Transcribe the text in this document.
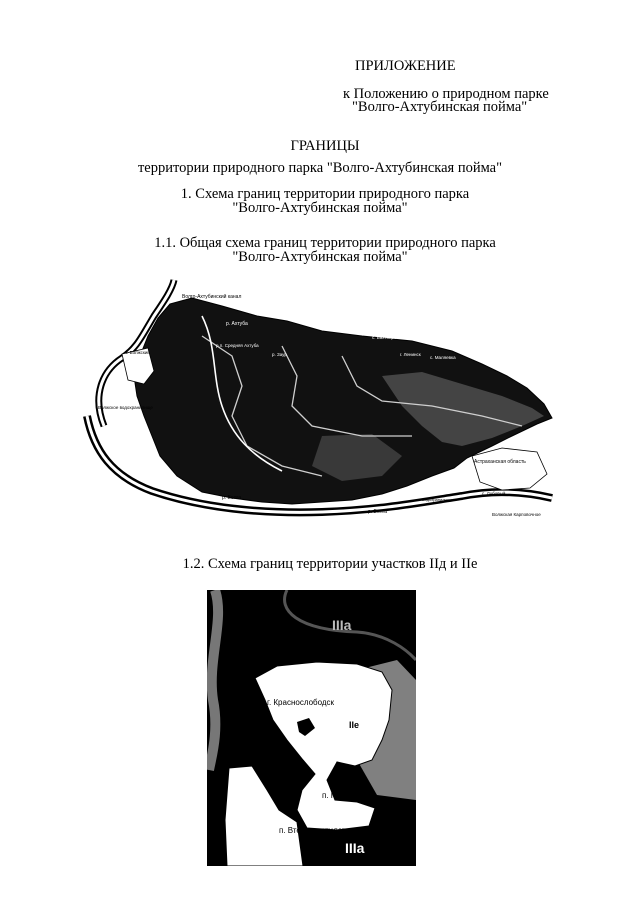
ПРИЛОЖЕНИЕ
к Положению о природном парке
"Волго-Ахтубинская пойма"
ГРАНИЦЫ
территории природного парка "Волго-Ахтубинская пойма"
1. Схема границ территории природного парка
"Волго-Ахтубинская пойма"
1.1. Общая схема границ территории природного парка
"Волго-Ахтубинская пойма"
Волго-Ахтубинский канал
р. Ахтуба
р.п. Средняя Ахтуба
р. Заур
с. Бахтияровка
г. Ленинск
с. Маляевка	с. Царев
г. Волжский
Волжское водохранилище
Астраханская область
р. Волга
р. Волга
с. Дубовый
Водохранилище
Волжская Карповочное
1.2. Схема границ территории участков IIд и IIе
IIIа
г. Краснослободск
IIе
п. Песочный
п. Вторая пятилетка
IIIа
IIв
